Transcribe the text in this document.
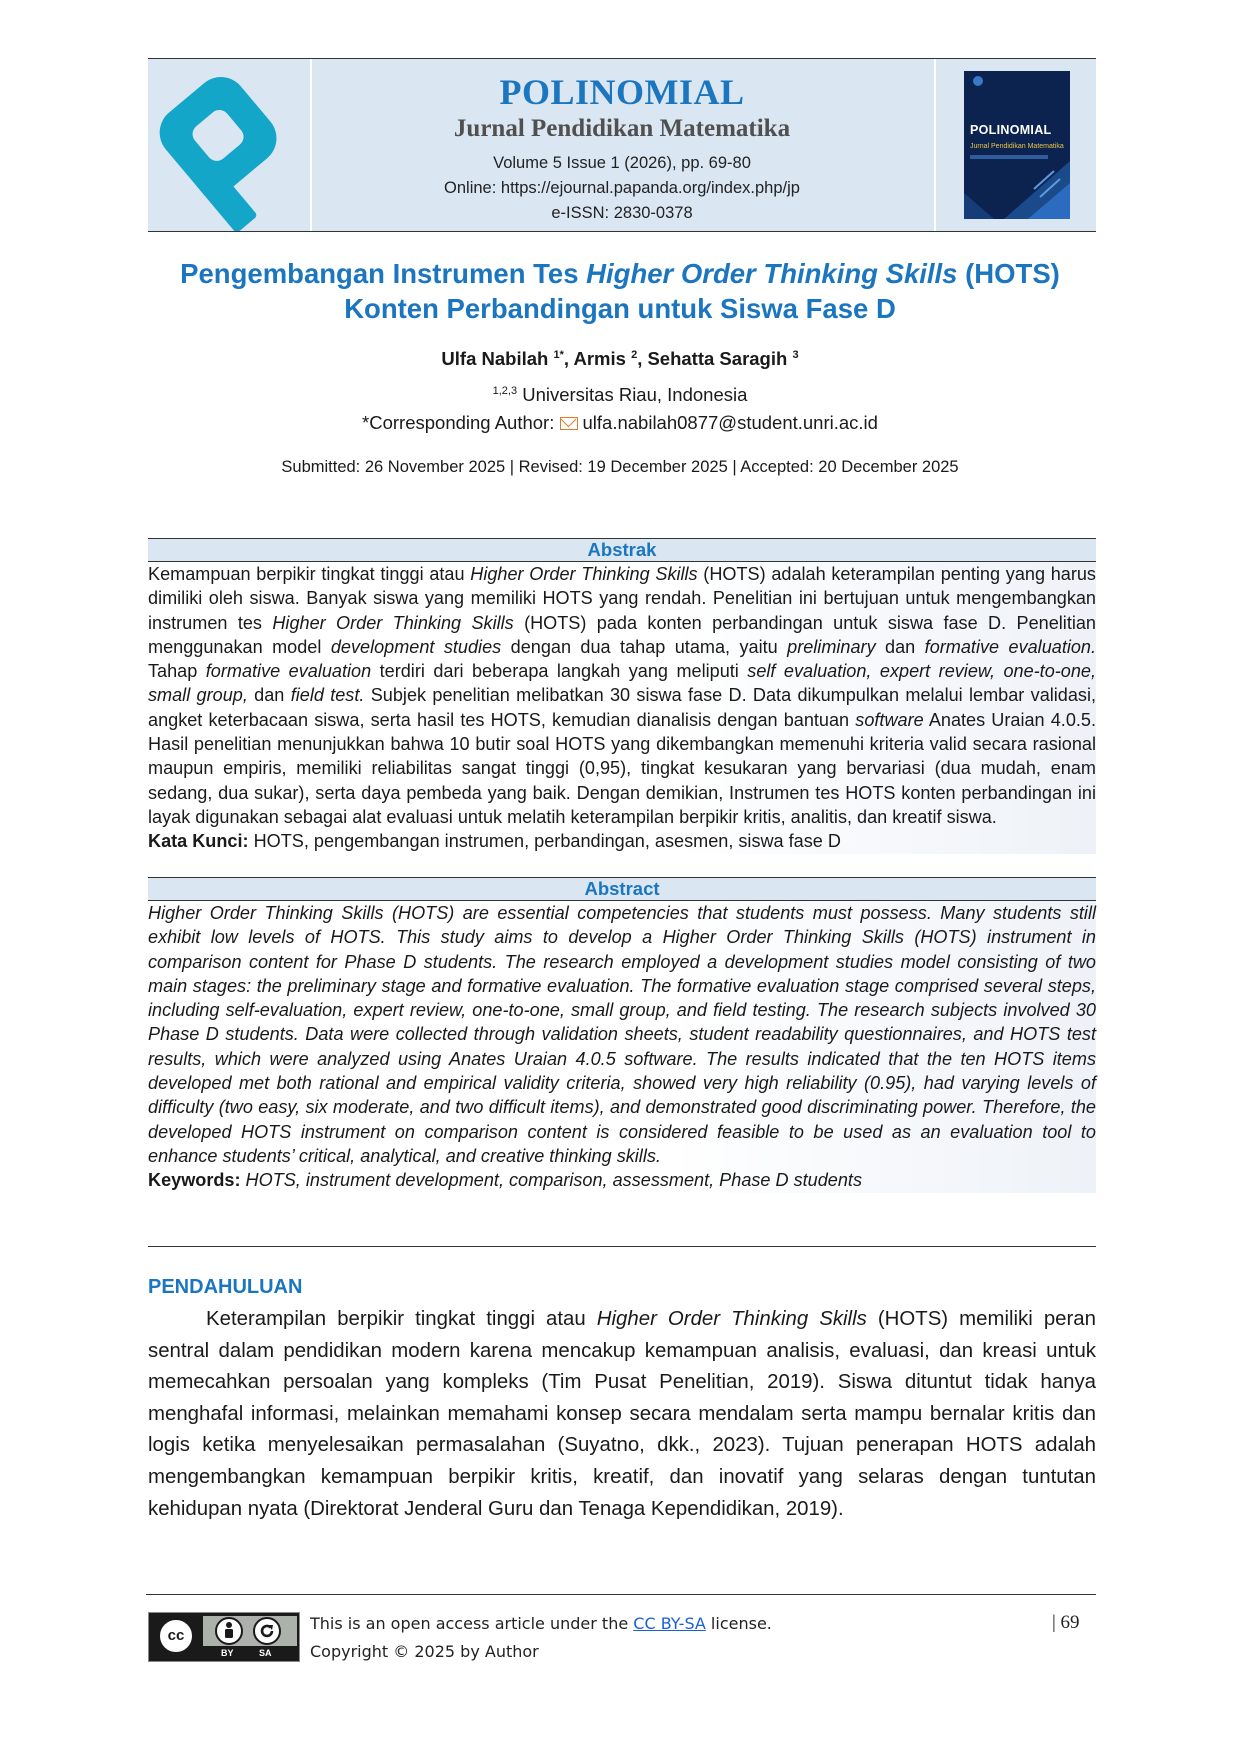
POLINOMIAL
Jurnal Pendidikan Matematika
Volume 5 Issue 1 (2026), pp. 69-80
Online: https://ejournal.papanda.org/index.php/jp
e-ISSN: 2830-0378
POLINOMIAL
Jurnal Pendidikan Matematika
Pengembangan Instrumen Tes Higher Order Thinking Skills (HOTS)
Konten Perbandingan untuk Siswa Fase D
Ulfa Nabilah $^{1*}$, Armis $^2$, Sehatta Saragih $^3$
$^{1,2,3}$ Universitas Riau, Indonesia
*Corresponding Author: ulfa.nabilah0877@student.unri.ac.id
Submitted: 26 November 2025 | Revised: 19 December 2025 | Accepted: 20 December 2025
Abstrak
Kemampuan berpikir tingkat tinggi atau Higher Order Thinking Skills (HOTS) adalah keterampilan penting yang harus dimiliki oleh siswa. Banyak siswa yang memiliki HOTS yang rendah. Penelitian ini bertujuan untuk mengembangkan instrumen tes Higher Order Thinking Skills (HOTS) pada konten perbandingan untuk siswa fase D. Penelitian menggunakan model development studies dengan dua tahap utama, yaitu preliminary dan formative evaluation. Tahap formative evaluation terdiri dari beberapa langkah yang meliputi self evaluation, expert review, one-to-one, small group, dan field test. Subjek penelitian melibatkan 30 siswa fase D. Data dikumpulkan melalui lembar validasi, angket keterbacaan siswa, serta hasil tes HOTS, kemudian dianalisis dengan bantuan software Anates Uraian 4.0.5. Hasil penelitian menunjukkan bahwa 10 butir soal HOTS yang dikembangkan memenuhi kriteria valid secara rasional maupun empiris, memiliki reliabilitas sangat tinggi (0,95), tingkat kesukaran yang bervariasi (dua mudah, enam sedang, dua sukar), serta daya pembeda yang baik. Dengan demikian, Instrumen tes HOTS konten perbandingan ini layak digunakan sebagai alat evaluasi untuk melatih keterampilan berpikir kritis, analitis, dan kreatif siswa.
Kata Kunci: HOTS, pengembangan instrumen, perbandingan, asesmen, siswa fase D
Abstract
Higher Order Thinking Skills (HOTS) are essential competencies that students must possess. Many students still exhibit low levels of HOTS. This study aims to develop a Higher Order Thinking Skills (HOTS) instrument in comparison content for Phase D students. The research employed a development studies model consisting of two main stages: the preliminary stage and formative evaluation. The formative evaluation stage comprised several steps, including self-evaluation, expert review, one-to-one, small group, and field testing. The research subjects involved 30 Phase D students. Data were collected through validation sheets, student readability questionnaires, and HOTS test results, which were analyzed using Anates Uraian 4.0.5 software. The results indicated that the ten HOTS items developed met both rational and empirical validity criteria, showed very high reliability (0.95), had varying levels of difficulty (two easy, six moderate, and two difficult items), and demonstrated good discriminating power. Therefore, the developed HOTS instrument on comparison content is considered feasible to be used as an evaluation tool to enhance students’ critical, analytical, and creative thinking skills.
Keywords: HOTS, instrument development, comparison, assessment, Phase D students
PENDAHULUAN
Keterampilan berpikir tingkat tinggi atau Higher Order Thinking Skills (HOTS) memiliki peran sentral dalam pendidikan modern karena mencakup kemampuan analisis, evaluasi, dan kreasi untuk memecahkan persoalan yang kompleks (Tim Pusat Penelitian, 2019). Siswa dituntut tidak hanya menghafal informasi, melainkan memahami konsep secara mendalam serta mampu bernalar kritis dan logis ketika menyelesaikan permasalahan (Suyatno, dkk., 2023). Tujuan penerapan HOTS adalah mengembangkan kemampuan berpikir kritis, kreatif, dan inovatif yang selaras dengan tuntutan kehidupan nyata (Direktorat Jenderal Guru dan Tenaga Kependidikan, 2019).
cc
BY	SA
This is an open access article under the CC BY-SA license.
Copyright © 2025 by Author
| 69
